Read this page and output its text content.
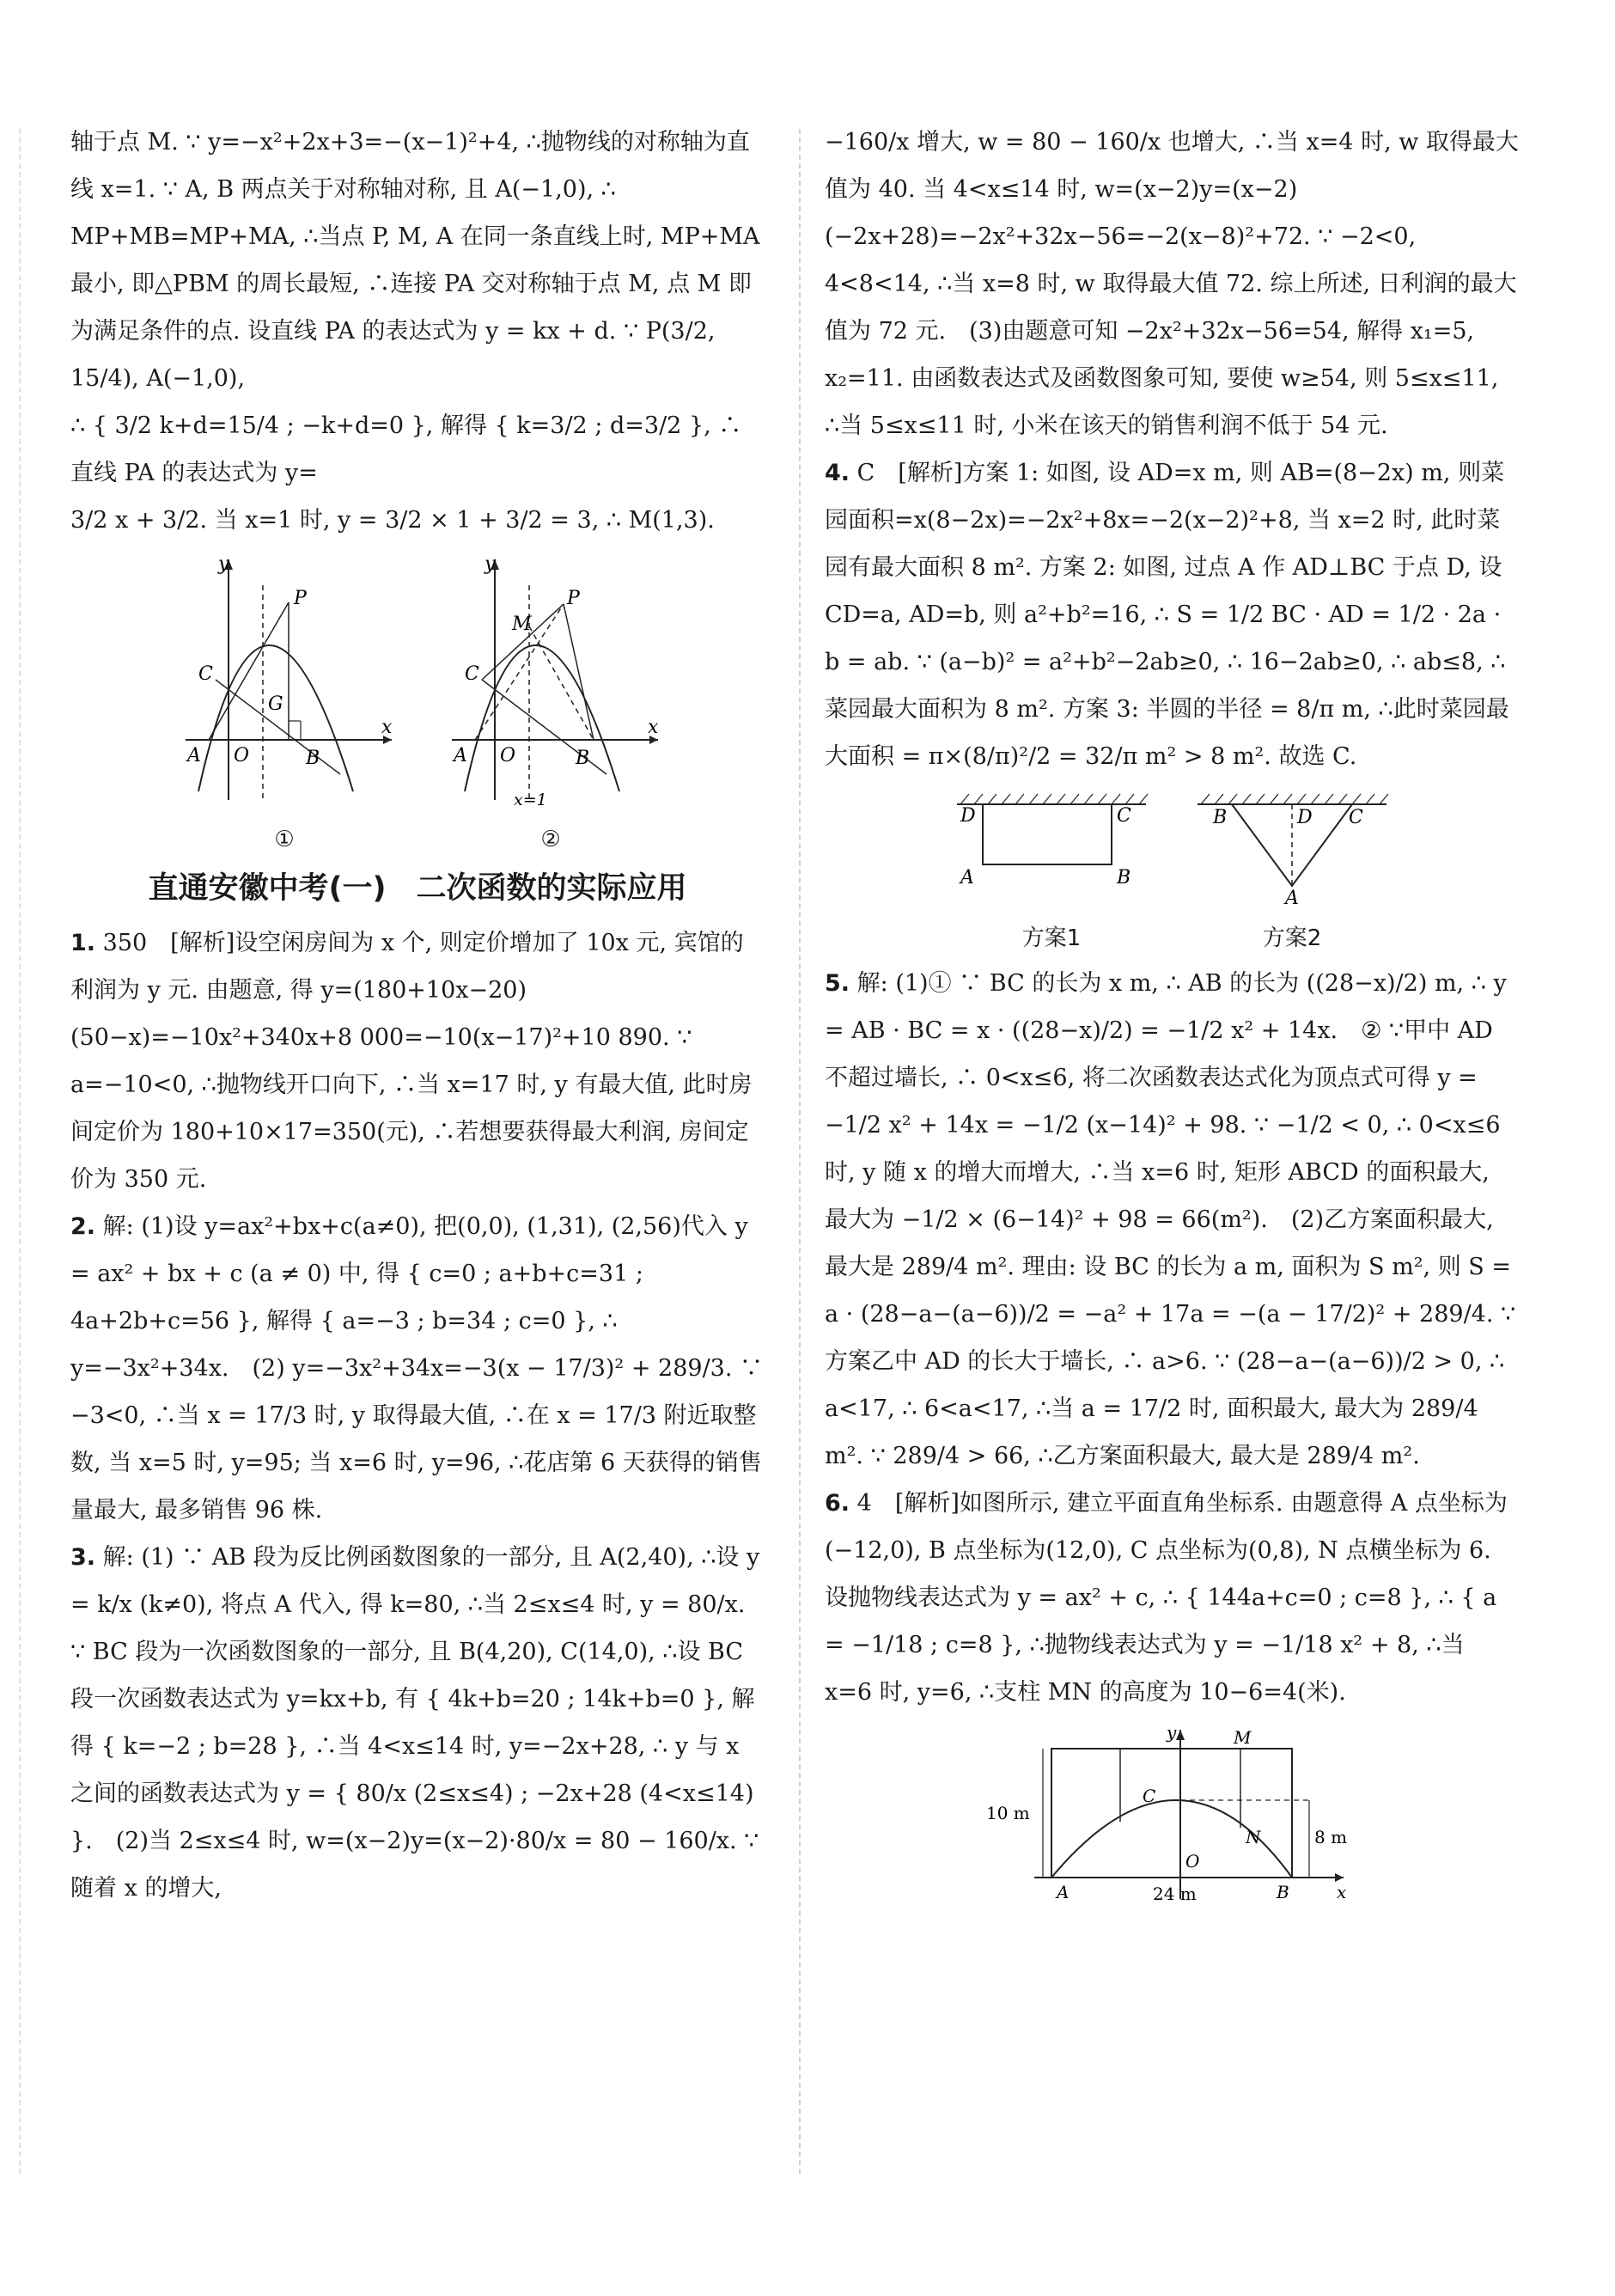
轴于点 M. ∵ y=−x²+2x+3=−(x−1)²+4, ∴抛物线的对称轴为直线 x=1. ∵ A, B 两点关于对称轴对称, 且 A(−1,0), ∴ MP+MB=MP+MA, ∴当点 P, M, A 在同一条直线上时, MP+MA 最小, 即△PBM 的周长最短, ∴连接 PA 交对称轴于点 M, 点 M 即为满足条件的点. 设直线 PA 的表达式为 y = kx + d. ∵ P(3/2, 15/4), A(−1,0),

∴ { 3/2 k+d=15/4 ; −k+d=0 }, 解得 { k=3/2 ; d=3/2 }, ∴直线 PA 的表达式为 y=

3/2 x + 3/2. 当 x=1 时, y = 3/2 × 1 + 3/2 = 3, ∴ M(1,3).

y
P
C
G
A O	B
x
①
y
P
M
C
A O	B
x
x=1
②
直通安徽中考(一)　二次函数的实际应用

1. 350　[解析]设空闲房间为 x 个, 则定价增加了 10x 元, 宾馆的利润为 y 元. 由题意, 得 y=(180+10x−20)(50−x)=−10x²+340x+8 000=−10(x−17)²+10 890. ∵ a=−10<0, ∴抛物线开口向下, ∴当 x=17 时, y 有最大值, 此时房间定价为 180+10×17=350(元), ∴若想要获得最大利润, 房间定价为 350 元.

2. 解: (1)设 y=ax²+bx+c(a≠0), 把(0,0), (1,31), (2,56)代入 y = ax² + bx + c (a ≠ 0) 中, 得 { c=0 ; a+b+c=31 ; 4a+2b+c=56 }, 解得 { a=−3 ; b=34 ; c=0 }, ∴ y=−3x²+34x.　(2) y=−3x²+34x=−3(x − 17/3)² + 289/3. ∵ −3<0, ∴当 x = 17/3 时, y 取得最大值, ∴在 x = 17/3 附近取整数, 当 x=5 时, y=95; 当 x=6 时, y=96, ∴花店第 6 天获得的销售量最大, 最多销售 96 株.

3. 解: (1) ∵ AB 段为反比例函数图象的一部分, 且 A(2,40), ∴设 y = k/x (k≠0), 将点 A 代入, 得 k=80, ∴当 2≤x≤4 时, y = 80/x. ∵ BC 段为一次函数图象的一部分, 且 B(4,20), C(14,0), ∴设 BC 段一次函数表达式为 y=kx+b, 有 { 4k+b=20 ; 14k+b=0 }, 解得 { k=−2 ; b=28 }, ∴当 4<x≤14 时, y=−2x+28, ∴ y 与 x 之间的函数表达式为 y = { 80/x (2≤x≤4) ; −2x+28 (4<x≤14) }.　(2)当 2≤x≤4 时, w=(x−2)y=(x−2)·80/x = 80 − 160/x. ∵随着 x 的增大,

−160/x 增大, w = 80 − 160/x 也增大, ∴当 x=4 时, w 取得最大值为 40. 当 4<x≤14 时, w=(x−2)y=(x−2)(−2x+28)=−2x²+32x−56=−2(x−8)²+72. ∵ −2<0, 4<8<14, ∴当 x=8 时, w 取得最大值 72. 综上所述, 日利润的最大值为 72 元.　(3)由题意可知 −2x²+32x−56=54, 解得 x₁=5, x₂=11. 由函数表达式及函数图象可知, 要使 w≥54, 则 5≤x≤11, ∴当 5≤x≤11 时, 小米在该天的销售利润不低于 54 元.

4. C　[解析]方案 1: 如图, 设 AD=x m, 则 AB=(8−2x) m, 则菜园面积=x(8−2x)=−2x²+8x=−2(x−2)²+8, 当 x=2 时, 此时菜园有最大面积 8 m². 方案 2: 如图, 过点 A 作 AD⊥BC 于点 D, 设 CD=a, AD=b, 则 a²+b²=16, ∴ S = 1/2 BC · AD = 1/2 · 2a · b = ab. ∵ (a−b)² = a²+b²−2ab≥0, ∴ 16−2ab≥0, ∴ ab≤8, ∴菜园最大面积为 8 m². 方案 3: 半圆的半径 = 8/π m, ∴此时菜园最大面积 = π×(8/π)²/2 = 32/π m² > 8 m². 故选 C.

D	C
A	B
方案1
B	D C
A
方案2

5. 解: (1)① ∵ BC 的长为 x m, ∴ AB 的长为 ((28−x)/2) m, ∴ y = AB · BC = x · ((28−x)/2) = −1/2 x² + 14x.　② ∵甲中 AD 不超过墙长, ∴ 0<x≤6, 将二次函数表达式化为顶点式可得 y = −1/2 x² + 14x = −1/2 (x−14)² + 98. ∵ −1/2 < 0, ∴ 0<x≤6 时, y 随 x 的增大而增大, ∴当 x=6 时, 矩形 ABCD 的面积最大, 最大为 −1/2 × (6−14)² + 98 = 66(m²).　(2)乙方案面积最大, 最大是 289/4 m². 理由: 设 BC 的长为 a m, 面积为 S m², 则 S = a · (28−a−(a−6))/2 = −a² + 17a = −(a − 17/2)² + 289/4. ∵方案乙中 AD 的长大于墙长, ∴ a>6. ∵ (28−a−(a−6))/2 > 0, ∴ a<17, ∴ 6<a<17, ∴当 a = 17/2 时, 面积最大, 最大为 289/4 m². ∵ 289/4 > 66, ∴乙方案面积最大, 最大是 289/4 m².

6. 4　[解析]如图所示, 建立平面直角坐标系. 由题意得 A 点坐标为(−12,0), B 点坐标为(12,0), C 点坐标为(0,8), N 点横坐标为 6. 设抛物线表达式为 y = ax² + c, ∴ { 144a+c=0 ; c=8 }, ∴ { a = −1/18 ; c=8 }, ∴抛物线表达式为 y = −1/18 x² + 8, ∴当 x=6 时, y=6, ∴支柱 MN 的高度为 10−6=4(米).

y	M
C
N
O
A	B	x
10 m
8 m
24 m
